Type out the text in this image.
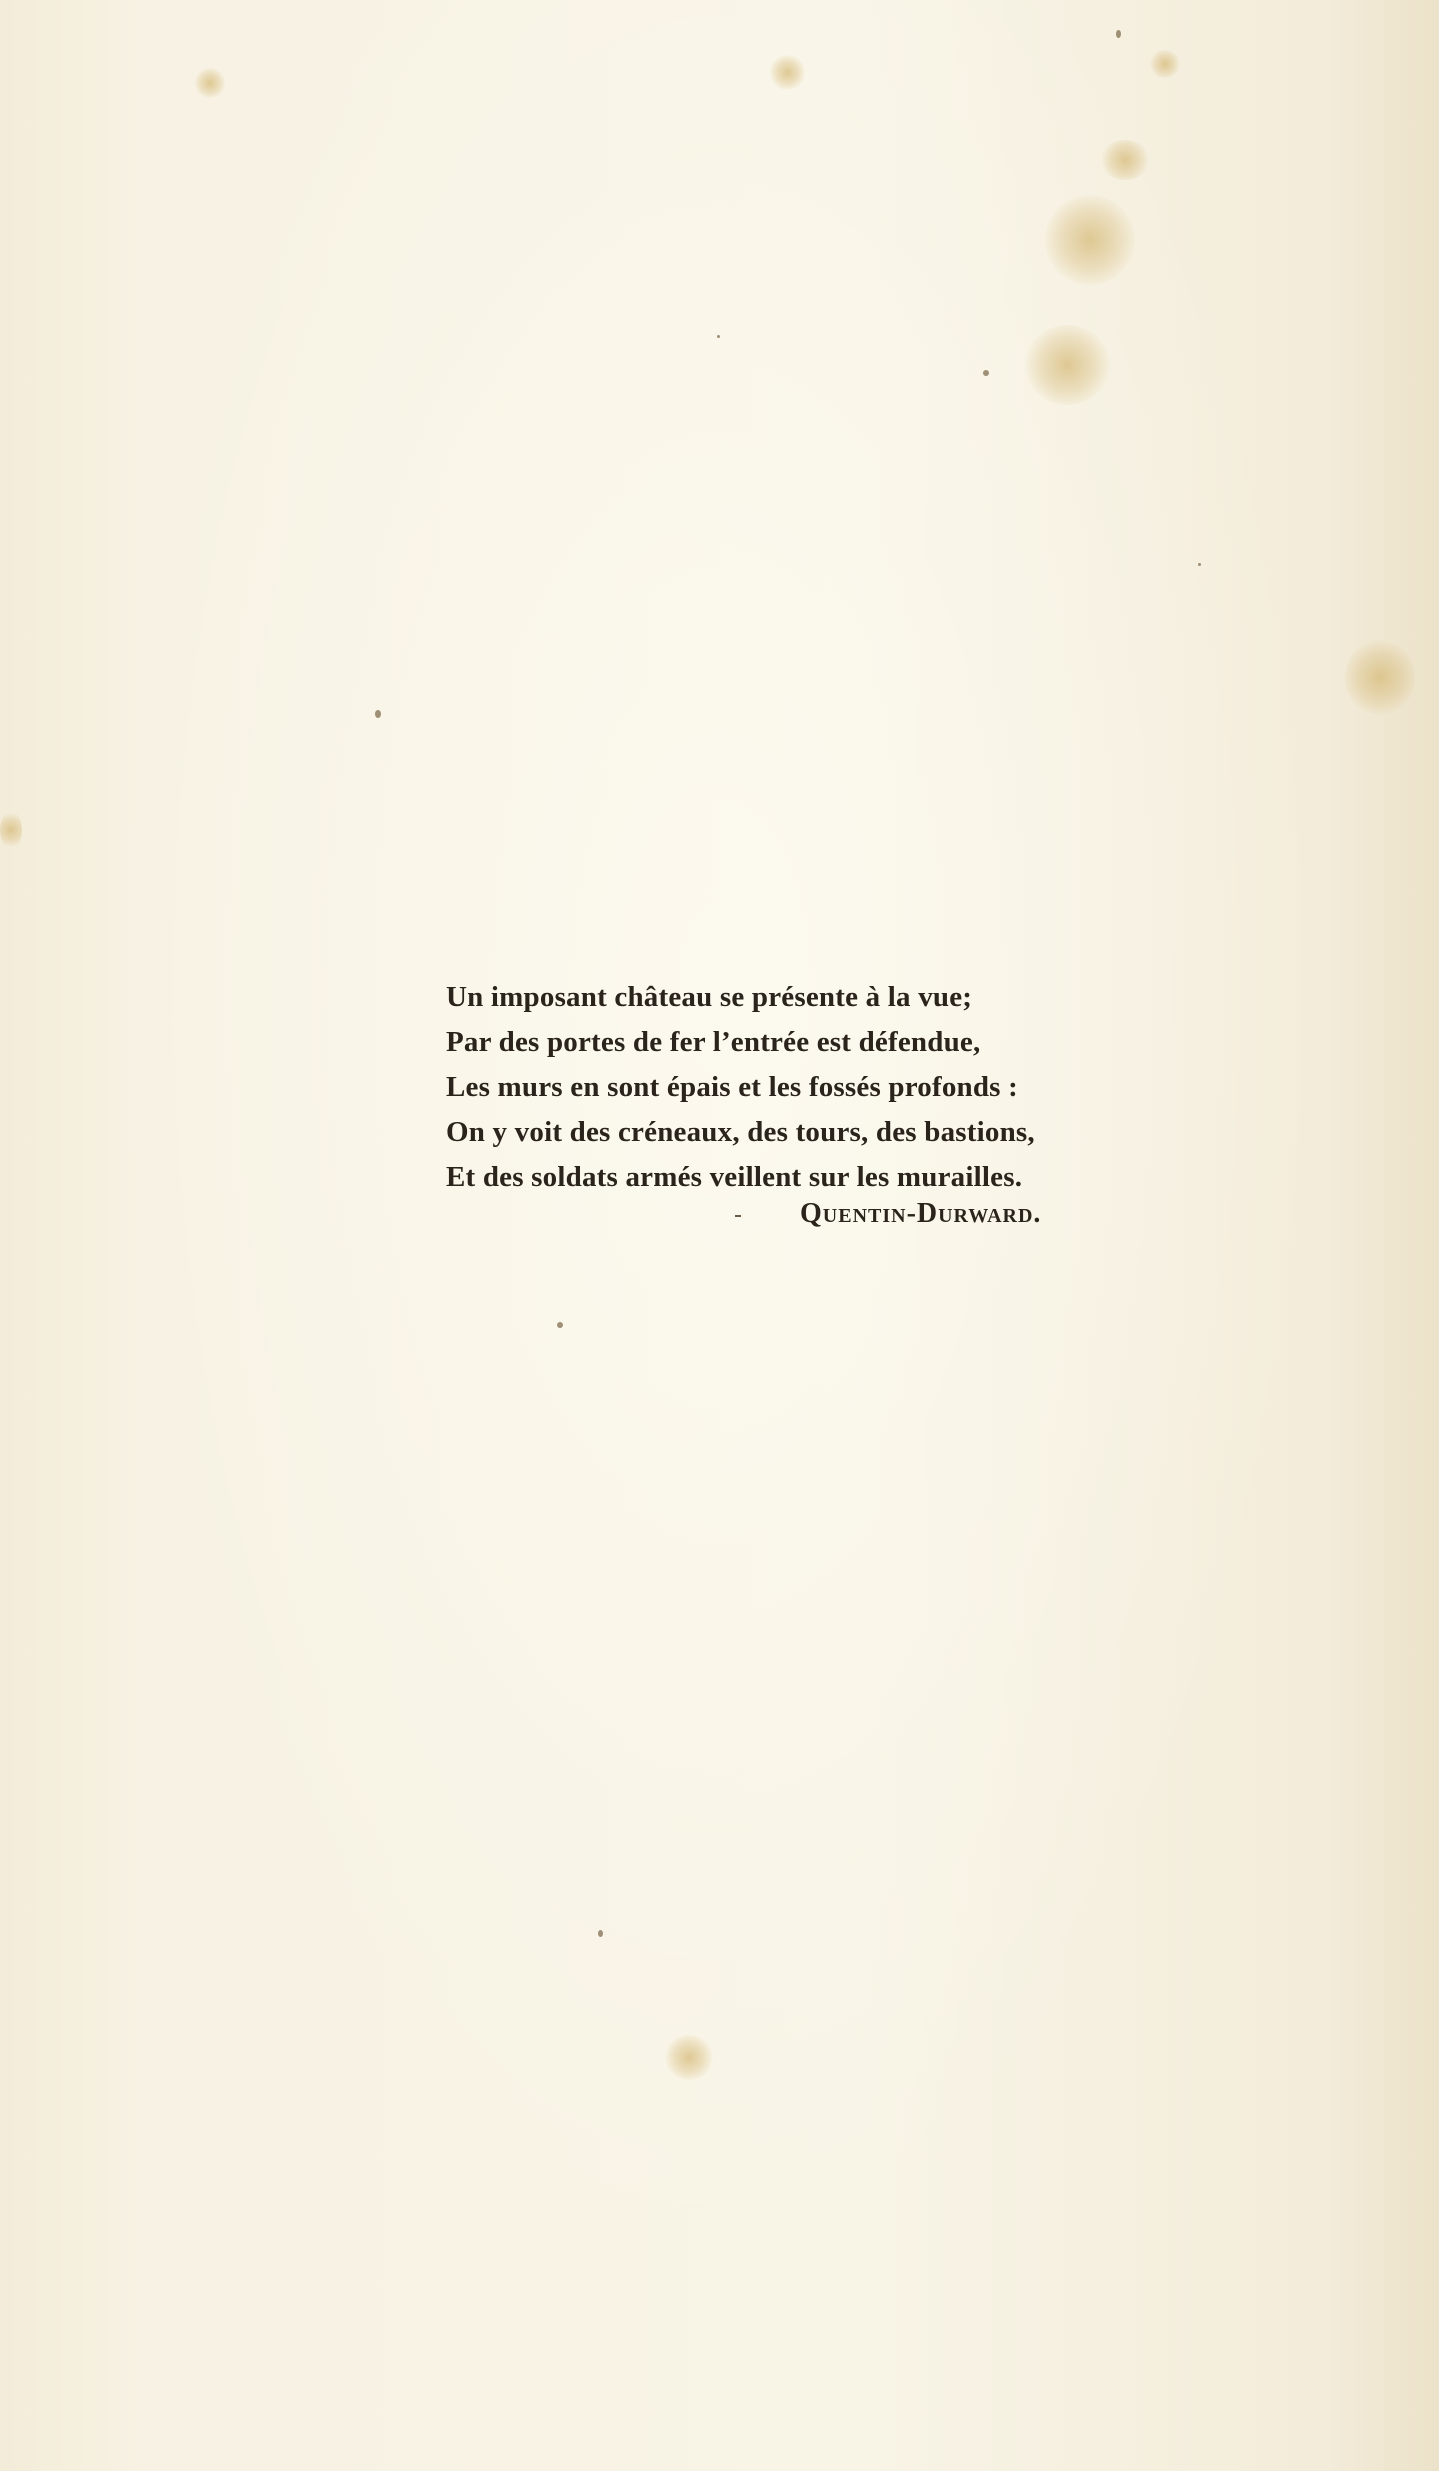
Un imposant château se présente à la vue;
Par des portes de fer l’entrée est défendue,
Les murs en sont épais et les fossés profonds :
On y voit des créneaux, des tours, des bastions,
Et des soldats armés veillent sur les murailles.
Quentin-Durward.
